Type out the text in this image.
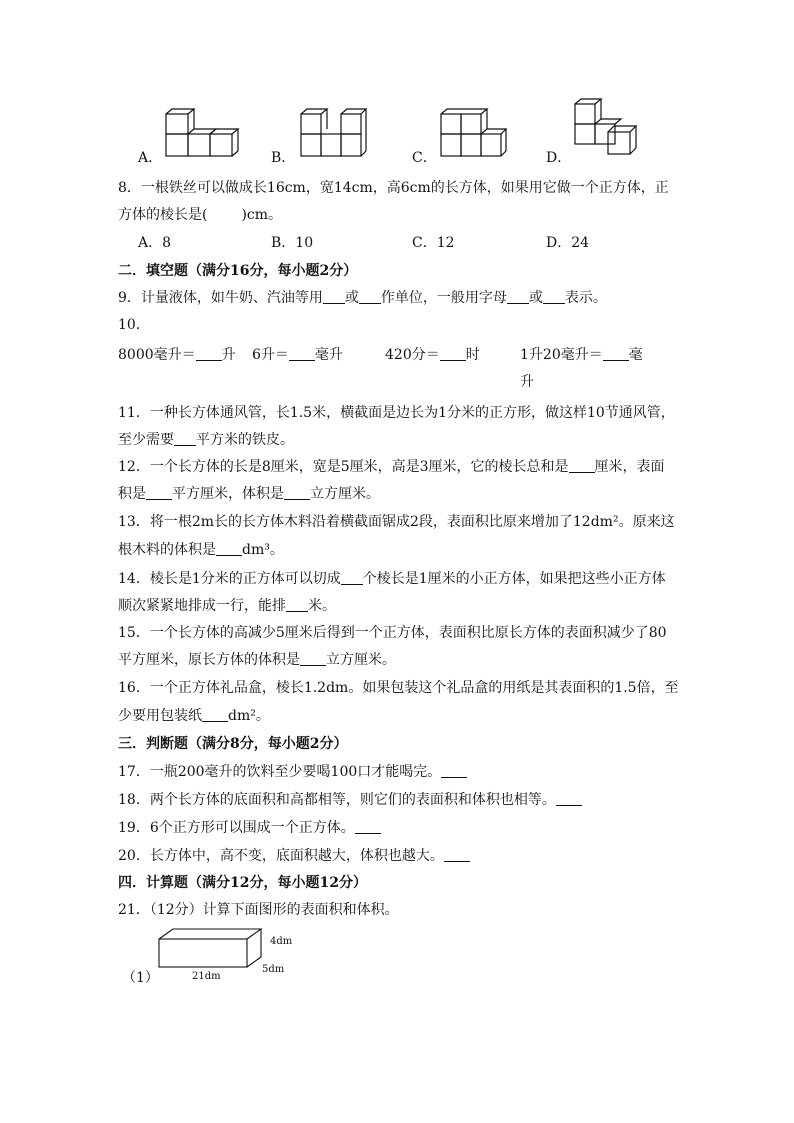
A．	B．	C．	D．
8．一根铁丝可以做成长16cm，宽14cm，高6cm的长方体，如果用它做一个正方体，正
方体的棱长是( )cm。
A．8	B．10	C．12	D．24
二．填空题（满分16分，每小题2分）
9．计量液体，如牛奶、汽油等用 或 作单位，一般用字母 或 表示。
10．
8000毫升＝ 升 6升＝ 毫升	420分＝ 时	1升20毫升＝ 毫
升
11．一种长方体通风管，长1.5米，横截面是边长为1分米的正方形，做这样10节通风管，
至少需要 平方米的铁皮。
12．一个长方体的长是8厘米，宽是5厘米，高是3厘米，它的棱长总和是 厘米，表面
积是 平方厘米，体积是 立方厘米。
13．将一根2m长的长方体木料沿着横截面锯成2段，表面积比原来增加了12dm²。原来这
根木料的体积是 dm³。
14．棱长是1分米的正方体可以切成 个棱长是1厘米的小正方体，如果把这些小正方体
顺次紧紧地排成一行，能排 米。
15．一个长方体的高减少5厘米后得到一个正方体，表面积比原长方体的表面积减少了80
平方厘米，原长方体的体积是 立方厘米。
16．一个正方体礼品盒，棱长1.2dm。如果包装这个礼品盒的用纸是其表面积的1.5倍，至
少要用包装纸 dm²。
三．判断题（满分8分，每小题2分）
17．一瓶200毫升的饮料至少要喝100口才能喝完。
18．两个长方体的底面积和高都相等，则它们的表面积和体积也相等。
19．6个正方形可以围成一个正方体。
20．长方体中，高不变，底面积越大，体积也越大。
四．计算题（满分12分，每小题12分）
21．（12分）计算下面图形的表面积和体积。
4dm
5dm
21dm
（1）
